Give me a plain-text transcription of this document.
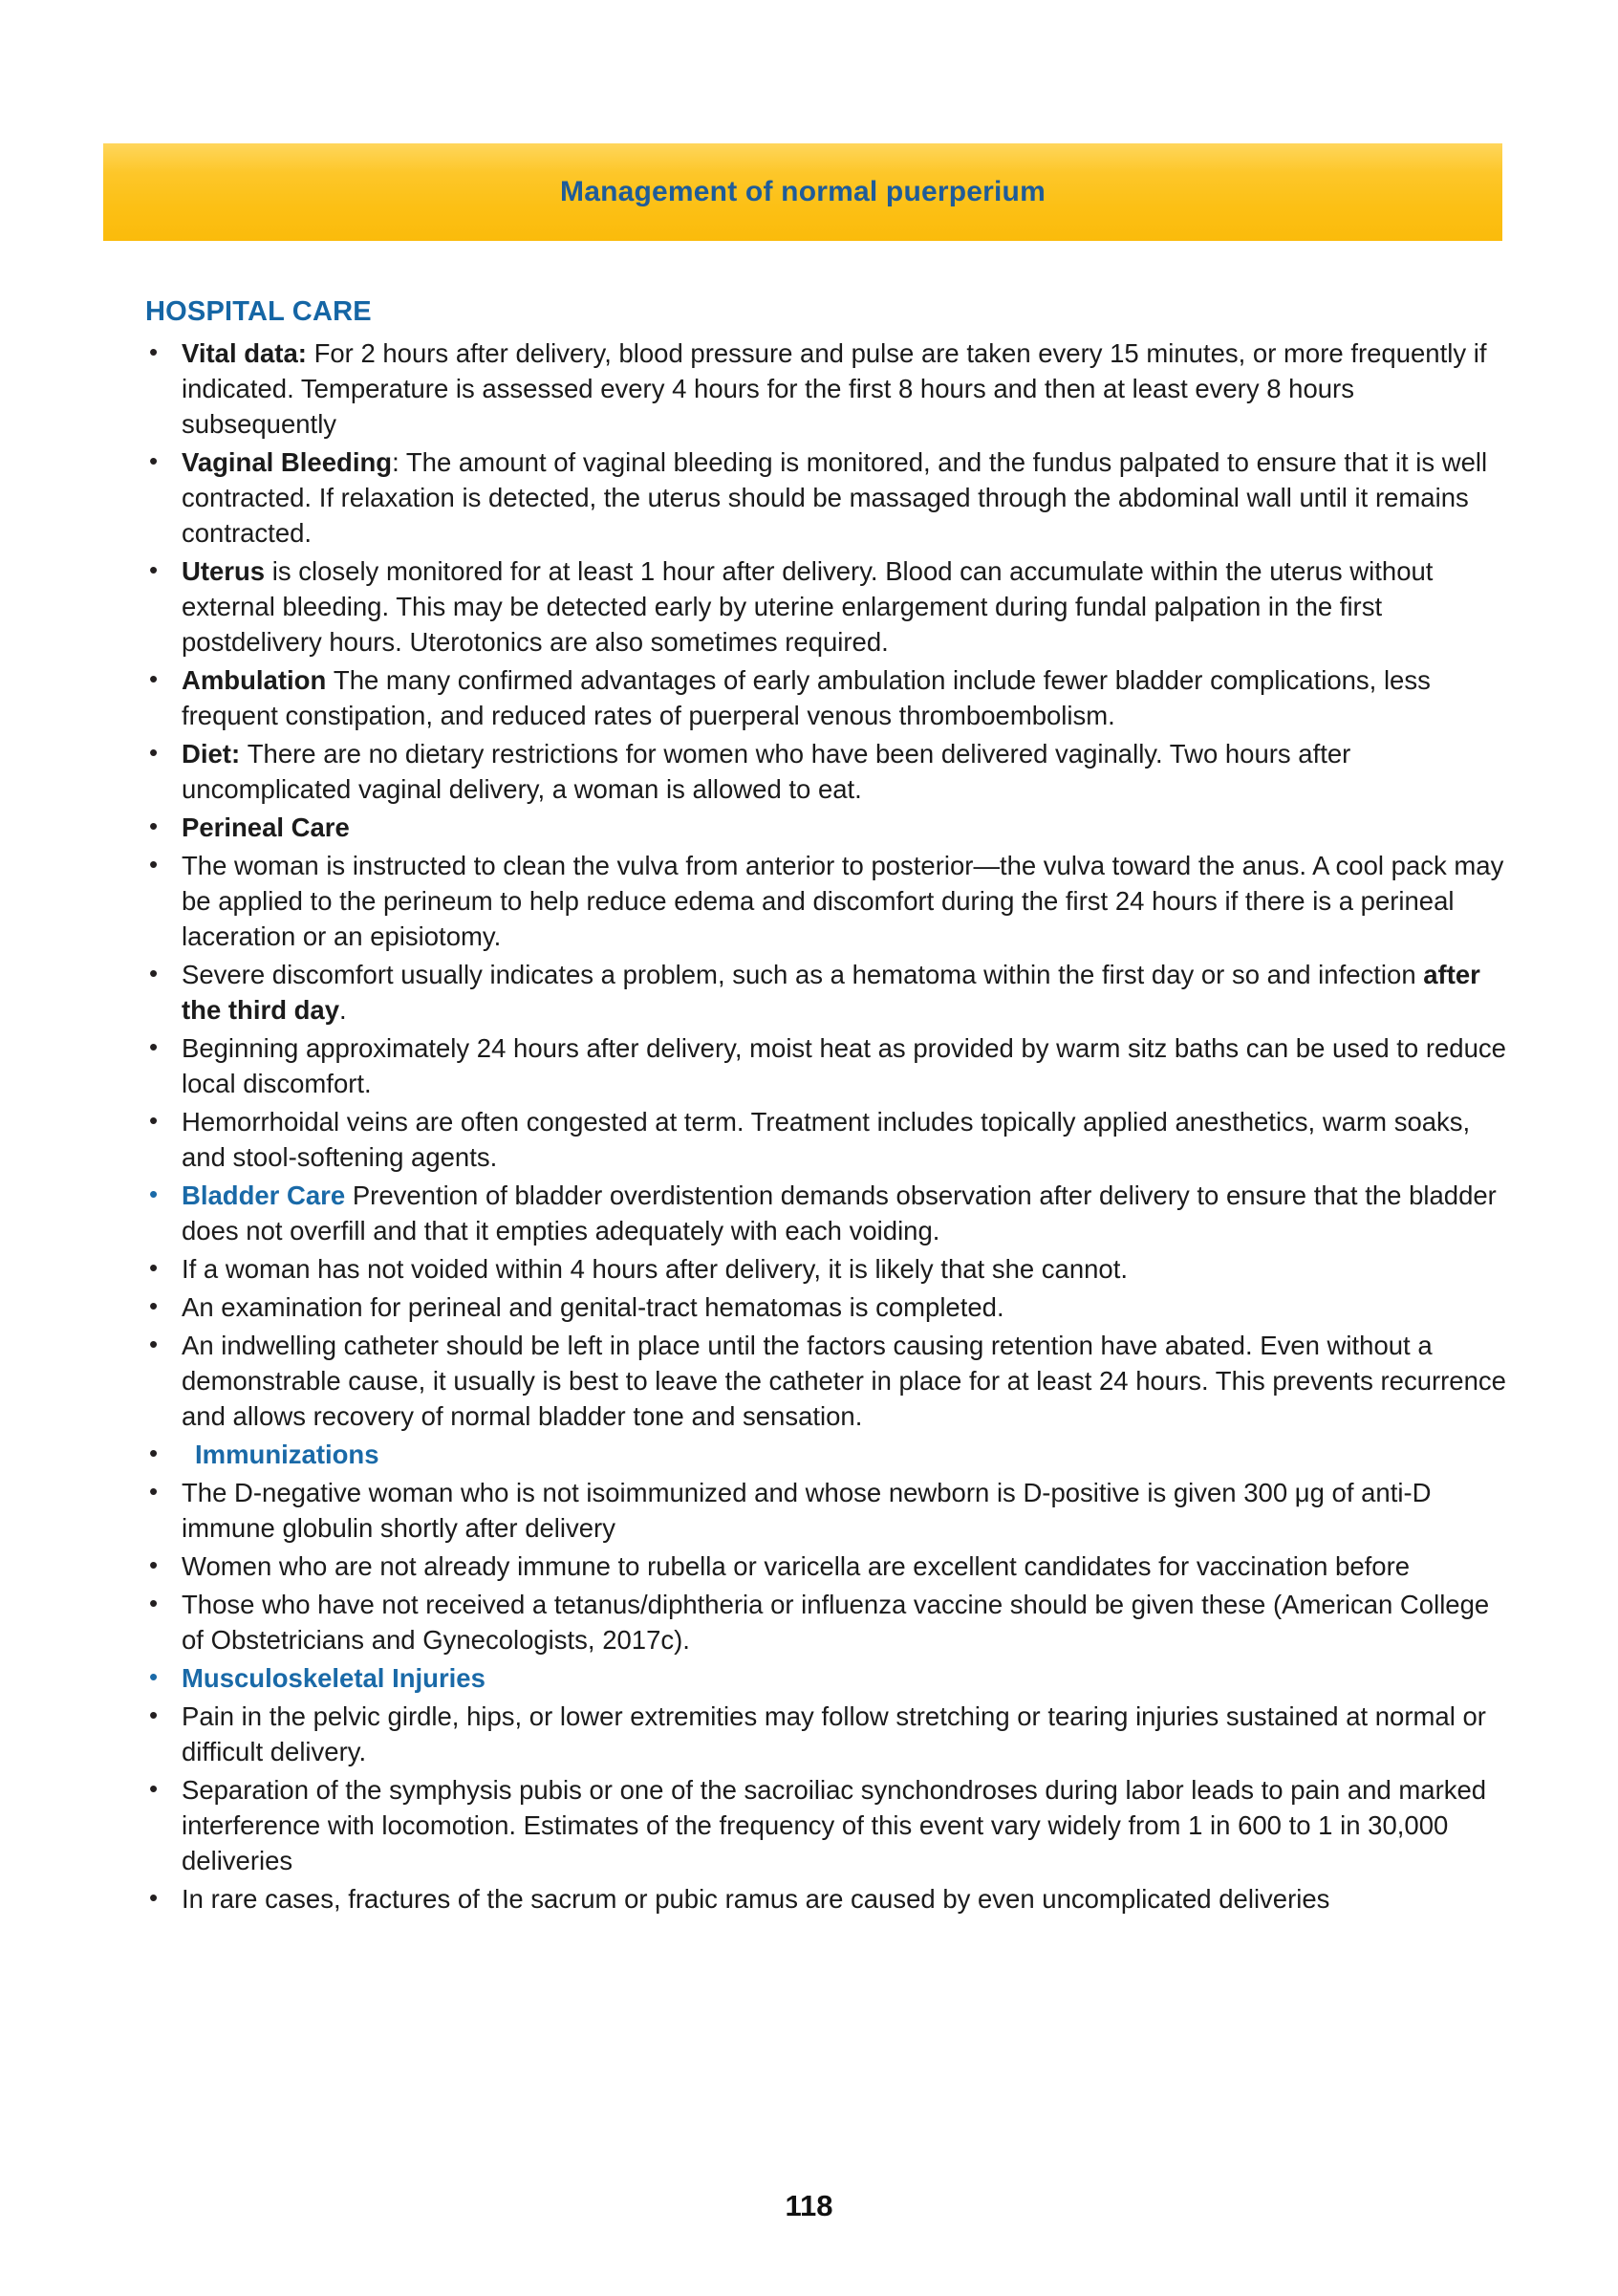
Management of normal puerperium
HOSPITAL CARE
• Vital data: For 2 hours after delivery, blood pressure and pulse are taken every 15 minutes, or more frequently if indicated. Temperature is assessed every 4 hours for the first 8 hours and then at least every 8 hours subsequently
• Vaginal Bleeding: The amount of vaginal bleeding is monitored, and the fundus palpated to ensure that it is well contracted. If relaxation is detected, the uterus should be massaged through the abdominal wall until it remains contracted.
• Uterus is closely monitored for at least 1 hour after delivery. Blood can accumulate within the uterus without external bleeding. This may be detected early by uterine enlargement during fundal palpation in the first postdelivery hours. Uterotonics are also sometimes required.
• Ambulation The many confirmed advantages of early ambulation include fewer bladder complications, less frequent constipation, and reduced rates of puerperal venous thromboembolism.
• Diet: There are no dietary restrictions for women who have been delivered vaginally. Two hours after uncomplicated vaginal delivery, a woman is allowed to eat.
• Perineal Care
• The woman is instructed to clean the vulva from anterior to posterior—the vulva toward the anus. A cool pack may be applied to the perineum to help reduce edema and discomfort during the first 24 hours if there is a perineal laceration or an episiotomy.
• Severe discomfort usually indicates a problem, such as a hematoma within the first day or so and infection after the third day.
• Beginning approximately 24 hours after delivery, moist heat as provided by warm sitz baths can be used to reduce local discomfort.
• Hemorrhoidal veins are often congested at term. Treatment includes topically applied anesthetics, warm soaks, and stool-softening agents.
• Bladder Care Prevention of bladder overdistention demands observation after delivery to ensure that the bladder does not overfill and that it empties adequately with each voiding.
• If a woman has not voided within 4 hours after delivery, it is likely that she cannot.
• An examination for perineal and genital-tract hematomas is completed.
• An indwelling catheter should be left in place until the factors causing retention have abated. Even without a demonstrable cause, it usually is best to leave the catheter in place for at least 24 hours. This prevents recurrence and allows recovery of normal bladder tone and sensation.
• Immunizations
• The D-negative woman who is not isoimmunized and whose newborn is D-positive is given 300 μg of anti-D immune globulin shortly after delivery
• Women who are not already immune to rubella or varicella are excellent candidates for vaccination before
• Those who have not received a tetanus/diphtheria or influenza vaccine should be given these (American College of Obstetricians and Gynecologists, 2017c).
• Musculoskeletal Injuries
• Pain in the pelvic girdle, hips, or lower extremities may follow stretching or tearing injuries sustained at normal or difficult delivery.
• Separation of the symphysis pubis or one of the sacroiliac synchondroses during labor leads to pain and marked interference with locomotion. Estimates of the frequency of this event vary widely from 1 in 600 to 1 in 30,000 deliveries
• In rare cases, fractures of the sacrum or pubic ramus are caused by even uncomplicated deliveries
118
